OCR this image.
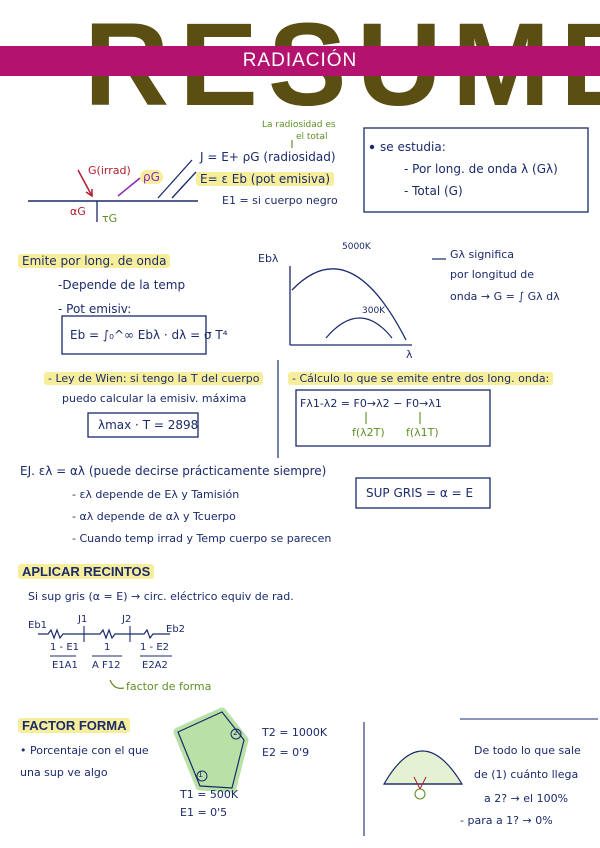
RADIACIÓN
La radiosidad es
el total
G(irrad) ρG
αG
τG
J = E+ ρG (radiosidad)
E= ε Eb (pot emisiva)
E1 = si cuerpo negro
se estudia:
- Por long. de onda λ (Gλ)
- Total (G)
Emite por long. de onda
-Depende de la temp
- Pot emisiv:
Eb = ∫₀^∞ Ebλ · dλ = σ T⁴
Ebλ
λ
5000K
300K
Gλ significa
por longitud de
onda → G = ∫ Gλ dλ
- Ley de Wien: si tengo la T del cuerpo
puedo calcular la emisiv. máxima
λmax · T = 2898
- Cálculo lo que se emite entre dos long. onda:
Fλ1-λ2 = F0→λ2 − F0→λ1
f(λ2T) f(λ1T)
EJ. ελ = αλ (puede decirse prácticamente siempre)
- ελ depende de Eλ y Tamisión
- αλ depende de αλ y Tcuerpo
- Cuando temp irrad y Temp cuerpo se parecen
SUP GRIS = α = E
APLICAR RECINTOS
Si sup gris (α = E) → circ. eléctrico equiv de rad.
Eb1
J1	J2
Eb2
1 - E1
E1A1
1
A F12
1 - E2
E2A2
factor de forma
FACTOR FORMA
• Porcentaje con el que
una sup ve algo
T2 = 1000K
E2 = 0'9
T1 = 500K
E1 = 0'5
1
2
De todo lo que sale
de (1) cuánto llega
a 2? → el 100%
- para a 1? → 0%
